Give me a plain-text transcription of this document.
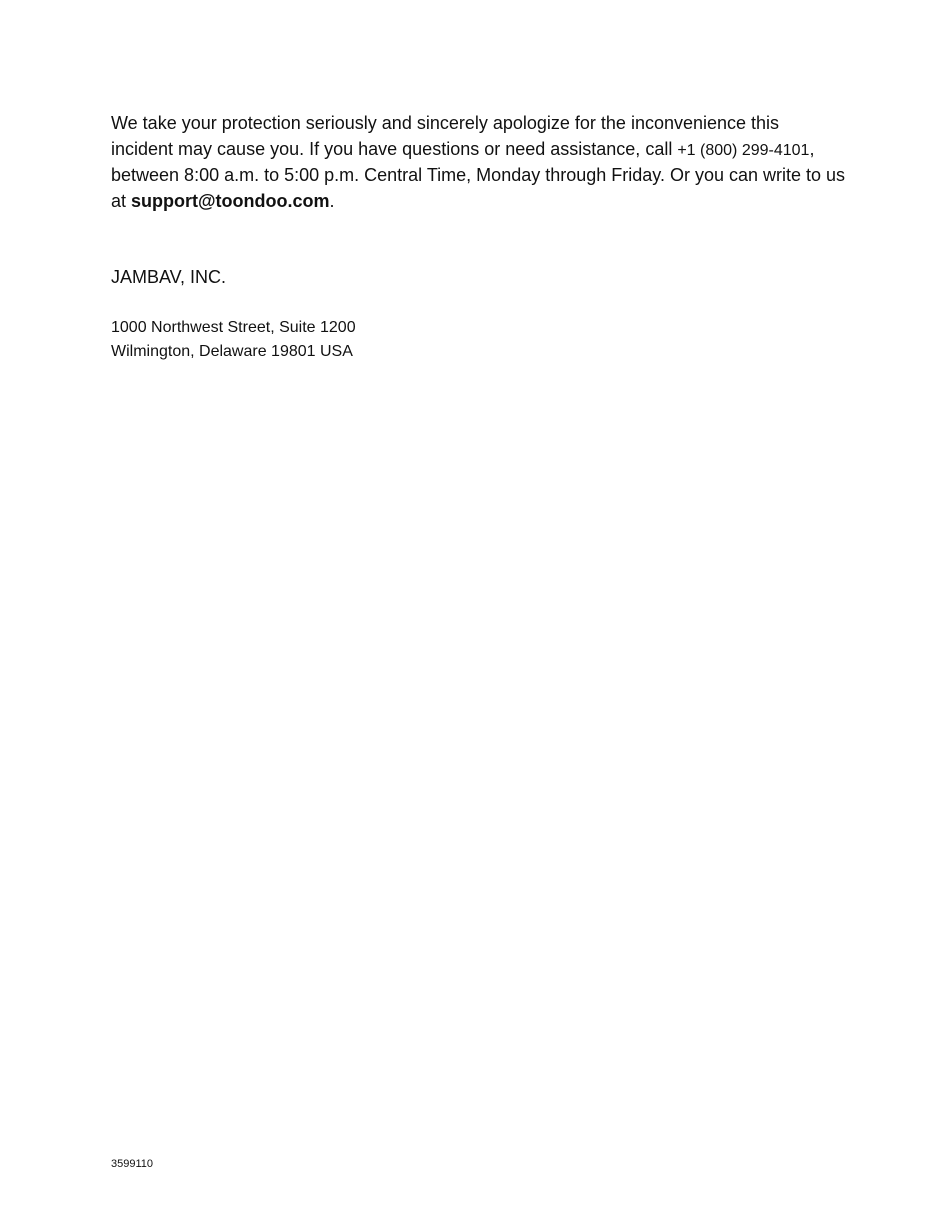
We take your protection seriously and sincerely apologize for the inconvenience this incident may cause you. If you have questions or need assistance, call +1 (800) 299-4101, between 8:00 a.m. to 5:00 p.m. Central Time, Monday through Friday. Or you can write to us at support@toondoo.com.

JAMBAV, INC.

1000 Northwest Street, Suite 1200
Wilmington, Delaware 19801 USA

3599110
